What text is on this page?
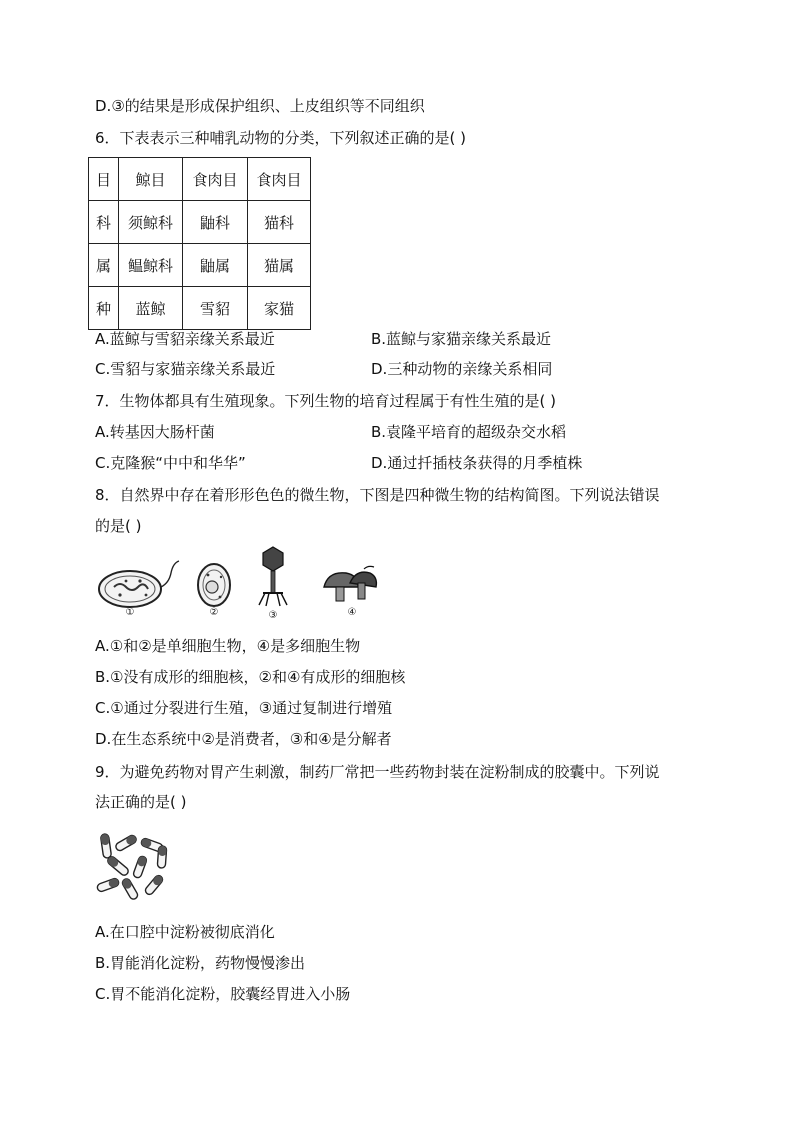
D.③的结果是形成保护组织、上皮组织等不同组织
6．下表表示三种哺乳动物的分类，下列叙述正确的是( )
目	鲸目	食肉目	食肉目
科	须鲸科	鼬科	猫科
属	鳁鲸科	鼬属	猫属
种	蓝鲸	雪貂	家猫
A.蓝鲸与雪貂亲缘关系最近	B.蓝鲸与家猫亲缘关系最近
C.雪貂与家猫亲缘关系最近	D.三种动物的亲缘关系相同
7．生物体都具有生殖现象。下列生物的培育过程属于有性生殖的是( )
A.转基因大肠杆菌	B.袁隆平培育的超级杂交水稻
C.克隆猴“中中和华华”	D.通过扦插枝条获得的月季植株
8．自然界中存在着形形色色的微生物，下图是四种微生物的结构简图。下列说法错误
的是( )
①	②	③	④
A.①和②是单细胞生物，④是多细胞生物
B.①没有成形的细胞核，②和④有成形的细胞核
C.①通过分裂进行生殖，③通过复制进行增殖
D.在生态系统中②是消费者，③和④是分解者
9．为避免药物对胃产生刺激，制药厂常把一些药物封装在淀粉制成的胶囊中。下列说
法正确的是( )
A.在口腔中淀粉被彻底消化
B.胃能消化淀粉，药物慢慢渗出
C.胃不能消化淀粉，胶囊经胃进入小肠
